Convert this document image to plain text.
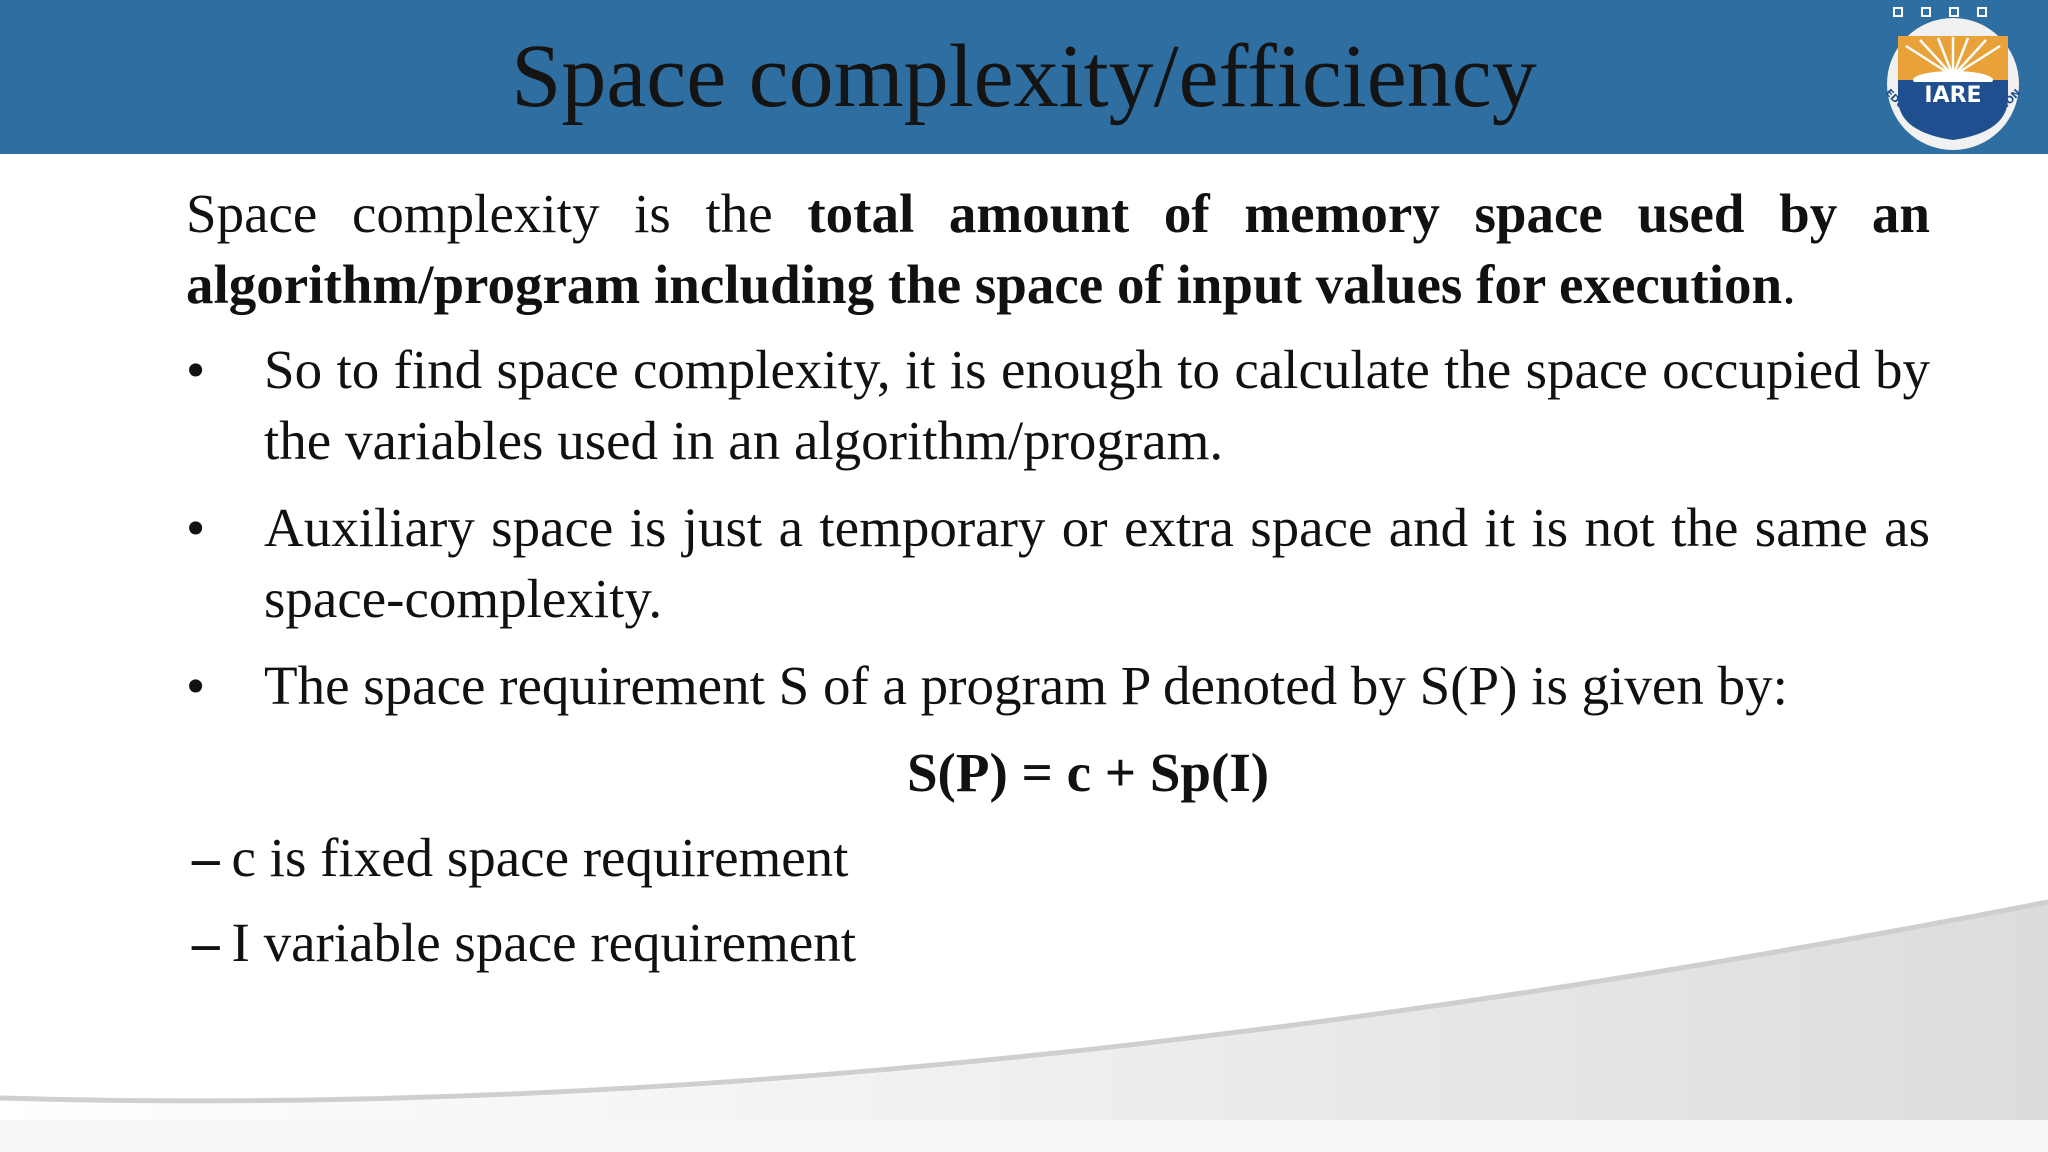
Space complexity/efficiency	IARE
EDUCATION FOR LIBERATION

Space complexity is the total amount of memory space used by an algorithm/program including the space of input values for execution.

•	So to find space complexity, it is enough to calculate the space occupied by the variables used in an algorithm/program.
•	Auxiliary space is just a temporary or extra space and it is not the same as space-complexity.
•	The space requirement S of a program P denoted by S(P) is given by:
S(P) = c + Sp(I)
– c is fixed space requirement
– I variable space requirement
